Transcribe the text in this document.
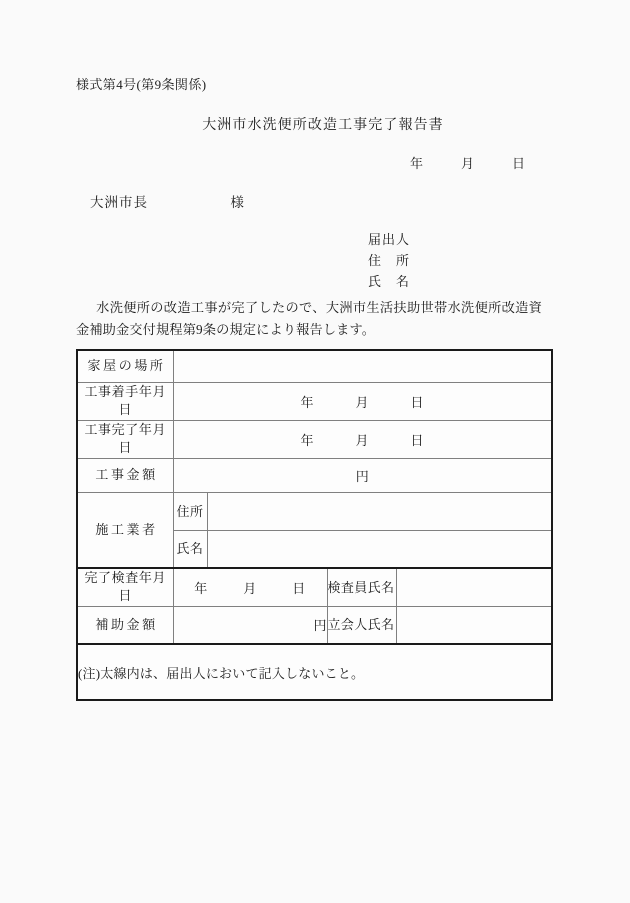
様式第4号(第9条関係)
大洲市水洗便所改造工事完了報告書
年	月	日
大洲市長	様
届出人
住　所
氏　名
水洗便所の改造工事が完了したので、大洲市生活扶助世帯水洗便所改造資金補助金交付規程第9条の規定により報告します。
家屋の場所				
工事着手年月日	年 月 日			
工事完了年月日	年 月 日			
工事金額	円			
施工業者	住所			
	氏名			
完了検査年月日	年 月 日		検査員氏名	
補助金額	円		立会人氏名	
(注)太線内は、届出人において記入しないこと。				
